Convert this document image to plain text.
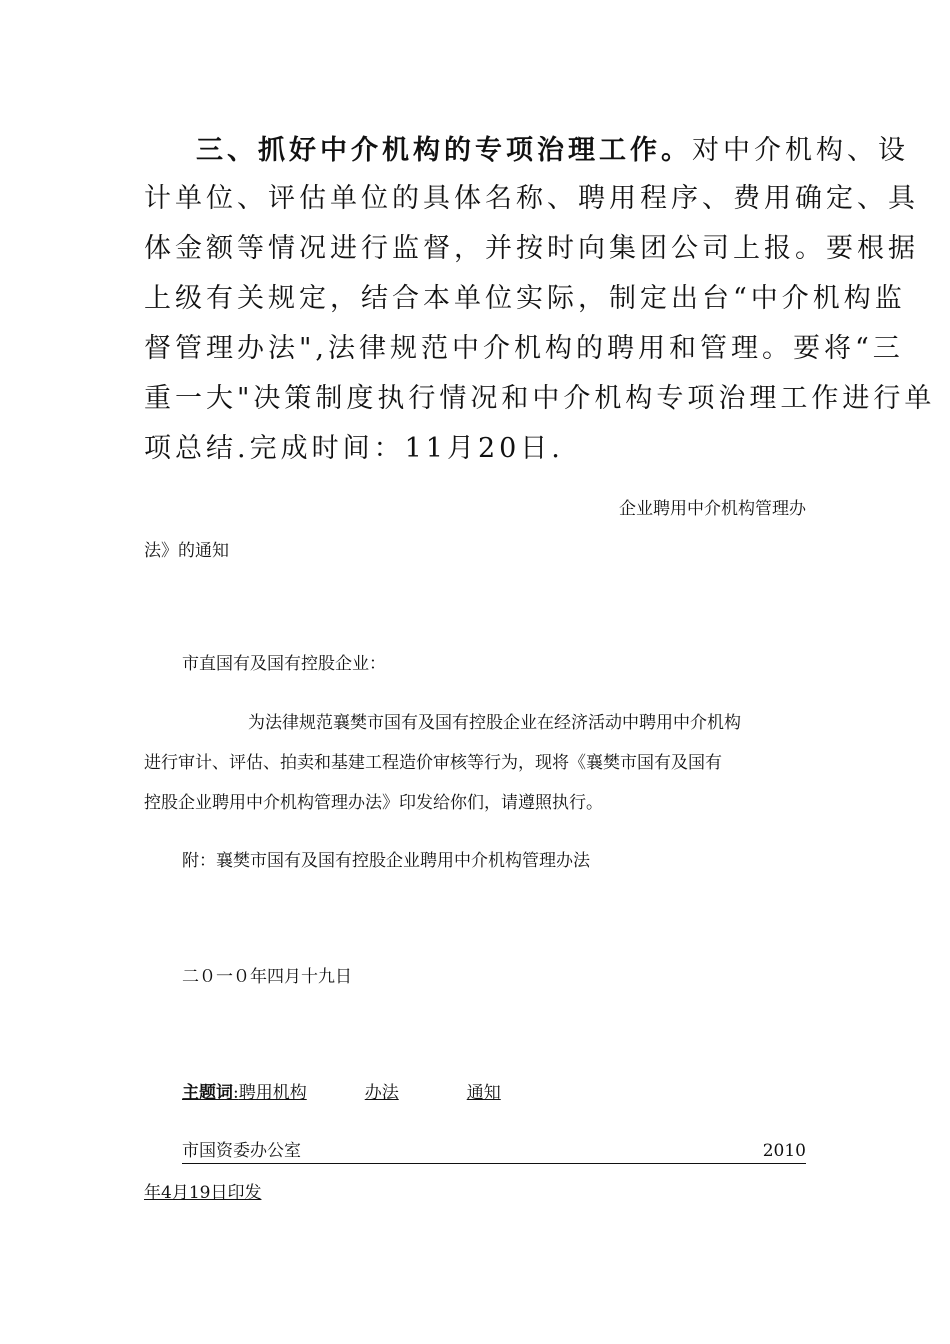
三、抓好中介机构的专项治理工作。对中介机构、设
计单位、评估单位的具体名称、聘用程序、费用确定、具
体金额等情况进行监督，并按时向集团公司上报。要根据
上级有关规定，结合本单位实际，制定出台“中介机构监
督管理办法",法律规范中介机构的聘用和管理。要将“三
重一大"决策制度执行情况和中介机构专项治理工作进行单
项总结.完成时间：11月20日.
企业聘用中介机构管理办
法》的通知
市直国有及国有控股企业：
为法律规范襄樊市国有及国有控股企业在经济活动中聘用中介机构
进行审计、评估、拍卖和基建工程造价审核等行为，现将《襄樊市国有及国有
控股企业聘用中介机构管理办法》印发给你们，请遵照执行。
附：襄樊市国有及国有控股企业聘用中介机构管理办法
二０一０年四月十九日
主题词:聘用机构	办法	通知
市国资委办公室	2010
年4月19日印发
